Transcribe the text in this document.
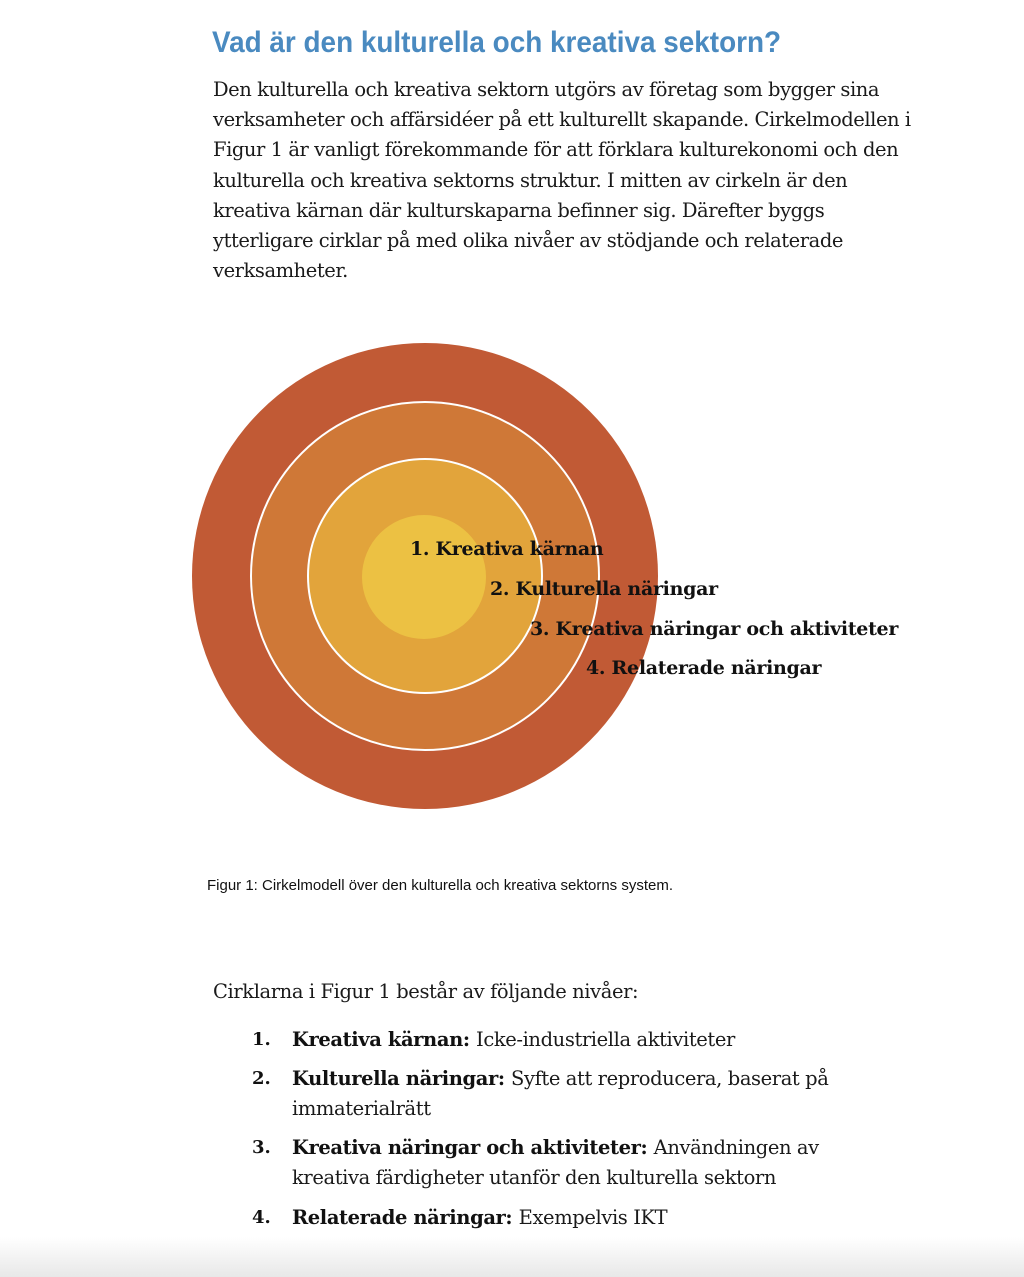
Vad är den kulturella och kreativa sektorn?

Den kulturella och kreativa sektorn utgörs av företag som bygger sina
verksamheter och affärsidéer på ett kulturellt skapande. Cirkelmodellen i
Figur 1 är vanligt förekommande för att förklara kulturekonomi och den
kulturella och kreativa sektorns struktur. I mitten av cirkeln är den
kreativa kärnan där kulturskaparna befinner sig. Därefter byggs
ytterligare cirklar på med olika nivåer av stödjande och relaterade
verksamheter.

1. Kreativa kärnan

2. Kulturella näringar

3. Kreativa näringar och aktiviteter

4. Relaterade näringar

Figur 1: Cirkelmodell över den kulturella och kreativa sektorns system.

Cirklarna i Figur 1 består av följande nivåer:

1. Kreativa kärnan: Icke-industriella aktiviteter
2. Kulturella näringar: Syfte att reproducera, baserat på
immaterialrätt
3. Kreativa näringar och aktiviteter: Användningen av
kreativa färdigheter utanför den kulturella sektorn
4. Relaterade näringar: Exempelvis IKT
